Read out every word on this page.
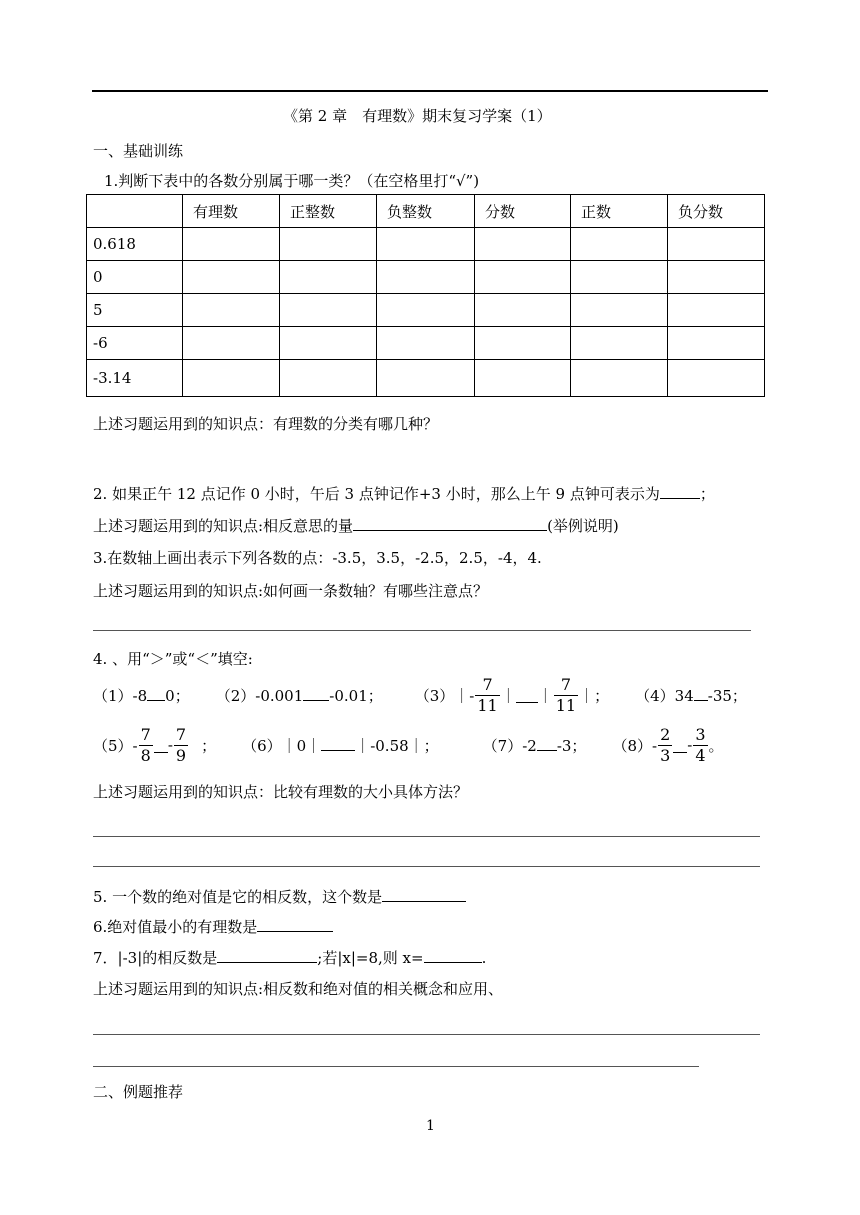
《第 2 章　有理数》期末复习学案（1）
一、基础训练
1.判断下表中的各数分别属于哪一类？（在空格里打“√”)
	有理数	正整数	负整数	分数	正数	负分数
0.618						
0						
5						
-6						
-3.14						
上述习题运用到的知识点：有理数的分类有哪几种？
2. 如果正午 12 点记作 0 小时，午后 3 点钟记作+3 小时，那么上午 9 点钟可表示为	；
上述习题运用到的知识点:相反意思的量	(举例说明)
3.在数轴上画出表示下列各数的点：-3.5，3.5，-2.5，2.5，-4，4.
上述习题运用到的知识点:如何画一条数轴？有哪些注意点？
4. 、用“＞”或“＜”填空:
（1）-8 0； （2）-0.001 -0.01； （3）｜- $\frac{7}{11}$ ｜ ｜ $\frac{7}{11}$ ｜； （4）34 -35；
$(5)- \frac{7}{8} - \frac{7}{9}$ ； （6）｜0｜ ｜-0.58｜；	（7）-2 -3； $(8)- \frac{2}{3} - \frac{3}{4}$ 。
上述习题运用到的知识点：比较有理数的大小具体方法？
5. 一个数的绝对值是它的相反数，这个数是
6.绝对值最小的有理数是
7．|-3|的相反数是	;若|x|=8,则 x=	.
上述习题运用到的知识点:相反数和绝对值的相关概念和应用、
二、例题推荐
1
